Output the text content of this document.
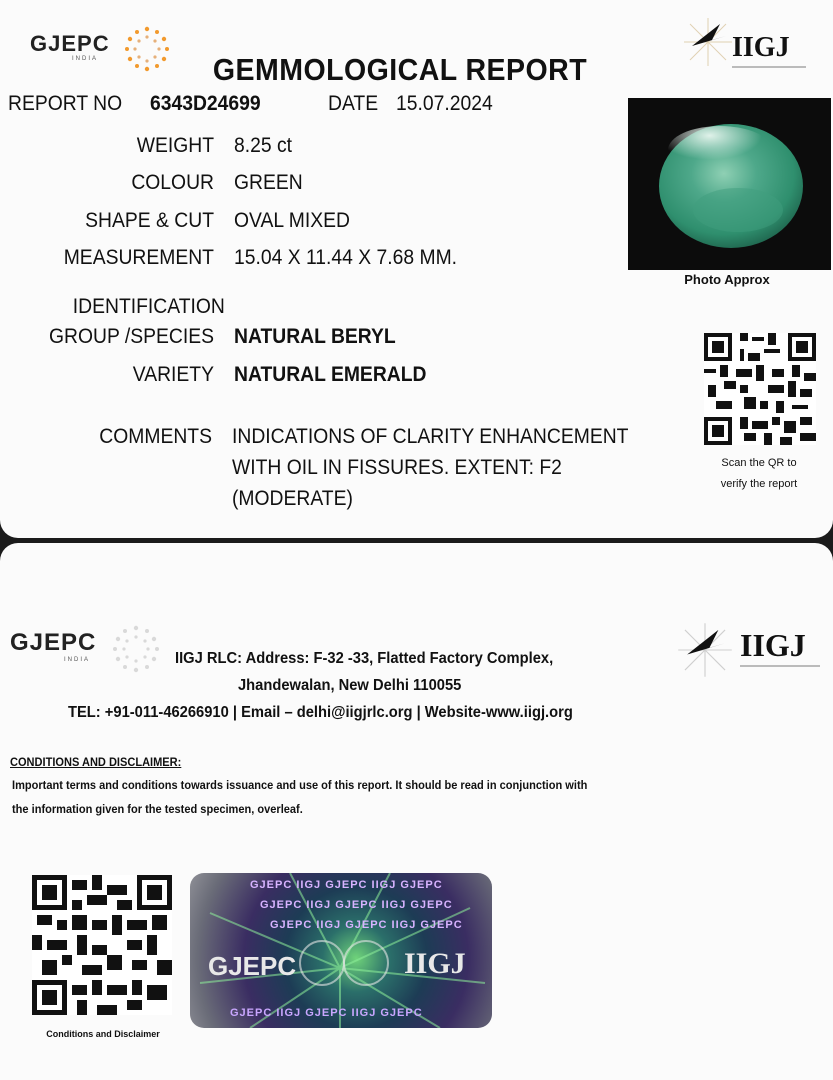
GJEPC
INDIA	IIGJ
GEMMOLOGICAL REPORT
REPORT NO 6343D24699	DATE 15.07.2024
WEIGHT 8.25 ct
COLOUR GREEN
SHAPE & CUT OVAL MIXED
MEASUREMENT 15.04 X 11.44 X 7.68 MM.
IDENTIFICATION
GROUP /SPECIES NATURAL BERYL
VARIETY NATURAL EMERALD
COMMENTS INDICATIONS OF CLARITY ENHANCEMENT
WITH OIL IN FISSURES. EXTENT: F2
(MODERATE)
Photo Approx
Scan the QR to
verify the report
GJEPC
INDIA	IIGJ
IIGJ RLC: Address: F-32 -33, Flatted Factory Complex,
Jhandewalan, New Delhi 110055
TEL: +91-011-46266910 | Email – delhi@iigjrlc.org | Website-www.iigj.org
CONDITIONS AND DISCLAIMER:
Important terms and conditions towards issuance and use of this report. It should be read in conjunction with
the information given for the tested specimen, overleaf.
Conditions and Disclaimer
GJEPC IIGJ GJEPC IIGJ GJEPC
GJEPC IIGJ GJEPC IIGJ GJEPC
GJEPC IIGJ GJEPC IIGJ GJEPC
GJEPC	IIGJ
GJEPC IIGJ GJEPC IIGJ GJEPC
